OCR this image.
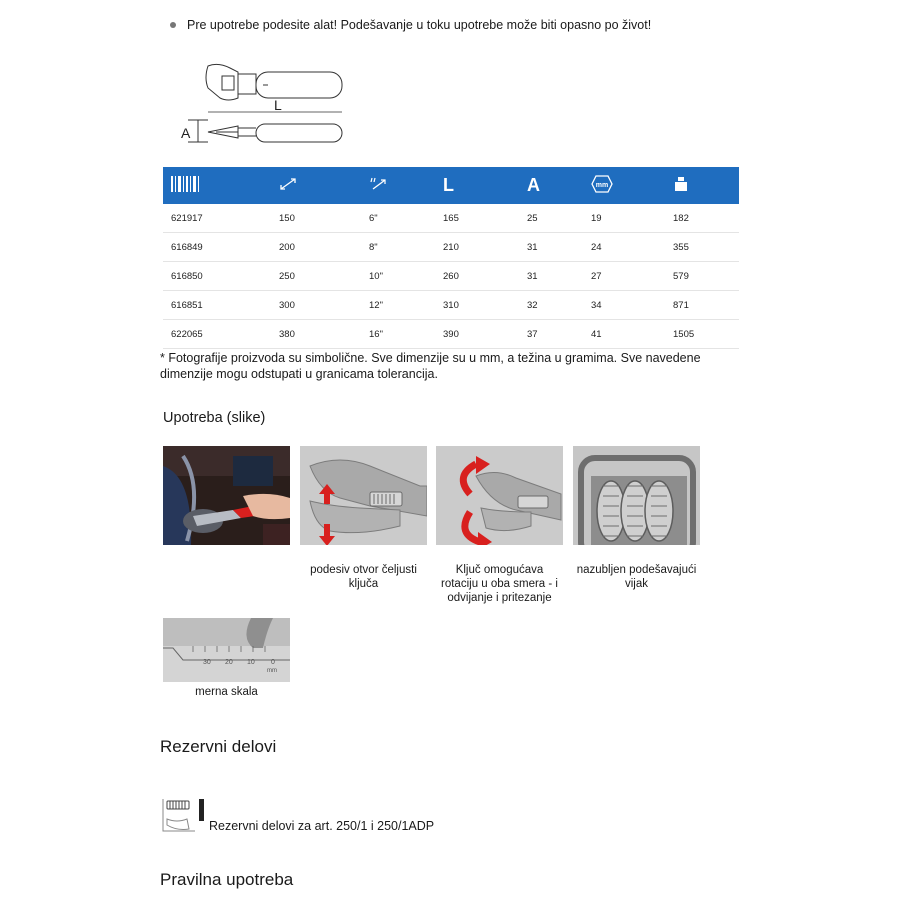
Pre upotrebe podesite alat! Podešavanje u toku upotrebe može biti opasno po život!
L
A
			L	A	mm

621917	150	6"	165	25	19	182
616849	200	8"	210	31	24	355
616850	250	10"	260	31	27	579
616851	300	12"	310	32	34	871
622065	380	16"	390	37	41	1505
* Fotografije proizvoda su simbolične. Sve dimenzije su u mm, a težina u gramima. Sve navedene dimenzije mogu odstupati u granicama tolerancija.
Upotreba (slike)
podesiv otvor čeljusti ključa
Ključ omogućava rotaciju u oba smera - i odvijanje i pritezanje
nazubljen podešavajući vijak
30 20 10 0
mm
merna skala
Rezervni delovi
Rezervni delovi za art. 250/1 i 250/1ADP
Pravilna upotreba
